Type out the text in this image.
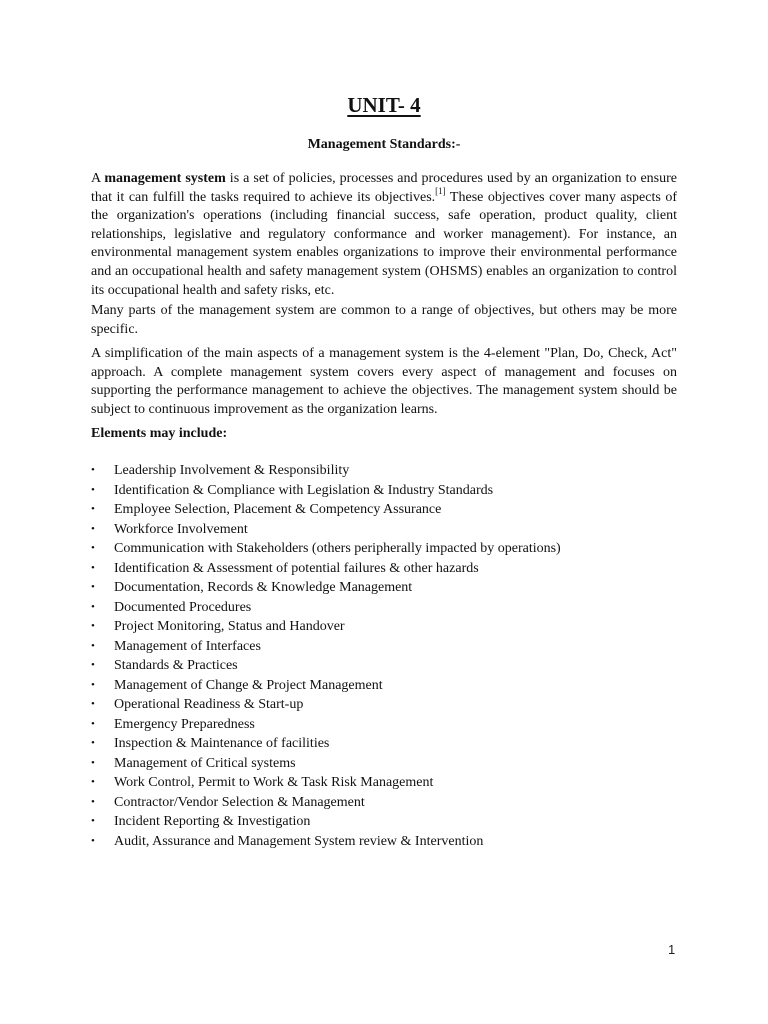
UNIT- 4
Management Standards:-

A management system is a set of policies, processes and procedures used by an organization to ensure that it can fulfill the tasks required to achieve its objectives.[1] These objectives cover many aspects of the organization's operations (including financial success, safe operation, product quality, client relationships, legislative and regulatory conformance and worker management). For instance, an environmental management system enables organizations to improve their environmental performance and an occupational health and safety management system (OHSMS) enables an organization to control its occupational health and safety risks, etc.

Many parts of the management system are common to a range of objectives, but others may be more specific.

A simplification of the main aspects of a management system is the 4-element "Plan, Do, Check, Act" approach. A complete management system covers every aspect of management and focuses on supporting the performance management to achieve the objectives. The management system should be subject to continuous improvement as the organization learns.

Elements may include:
• Leadership Involvement & Responsibility
• Identification & Compliance with Legislation & Industry Standards
• Employee Selection, Placement & Competency Assurance
• Workforce Involvement
• Communication with Stakeholders (others peripherally impacted by operations)
• Identification & Assessment of potential failures & other hazards
• Documentation, Records & Knowledge Management
• Documented Procedures
• Project Monitoring, Status and Handover
• Management of Interfaces
• Standards & Practices
• Management of Change & Project Management
• Operational Readiness & Start-up
• Emergency Preparedness
• Inspection & Maintenance of facilities
• Management of Critical systems
• Work Control, Permit to Work & Task Risk Management
• Contractor/Vendor Selection & Management
• Incident Reporting & Investigation
• Audit, Assurance and Management System review & Intervention
1
